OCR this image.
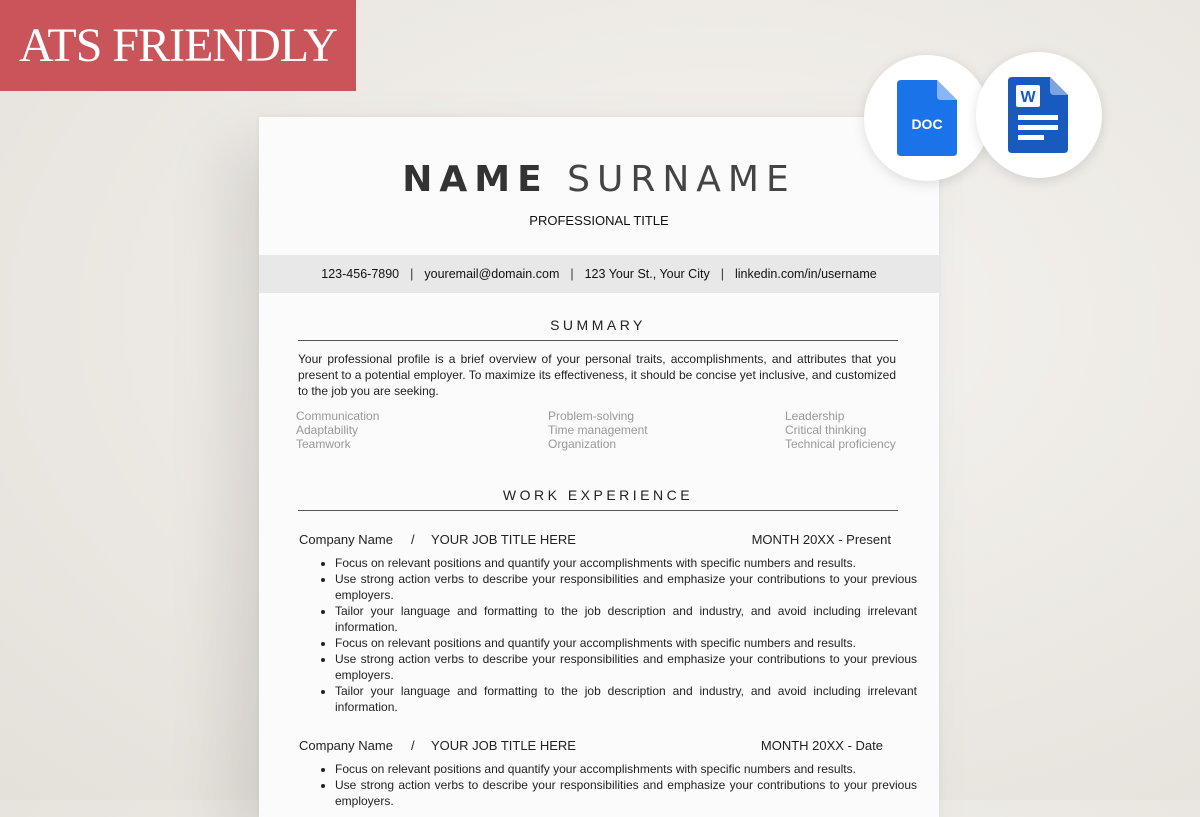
ATS FRIENDLY
NAME SURNAME
PROFESSIONAL TITLE
123-456-7890 | youremail@domain.com | 123 Your St., Your City | linkedin.com/in/username
SUMMARY
Your professional profile is a brief overview of your personal traits, accomplishments, and attributes that you present to a potential employer. To maximize its effectiveness, it should be concise yet inclusive, and customized to the job you are seeking.
Communication
Adaptability
Teamwork
Problem-solving
Time management
Organization
Leadership
Critical thinking
Technical proficiency
WORK EXPERIENCE
Company Name / YOUR JOB TITLE HERE	MONTH 20XX - Present
• Focus on relevant positions and quantify your accomplishments with specific numbers and results.
• Use strong action verbs to describe your responsibilities and emphasize your contributions to your previous employers.
• Tailor your language and formatting to the job description and industry, and avoid including irrelevant information.
• Focus on relevant positions and quantify your accomplishments with specific numbers and results.
• Use strong action verbs to describe your responsibilities and emphasize your contributions to your previous employers.
• Tailor your language and formatting to the job description and industry, and avoid including irrelevant information.
Company Name / YOUR JOB TITLE HERE	MONTH 20XX - Date
• Focus on relevant positions and quantify your accomplishments with specific numbers and results.
• Use strong action verbs to describe your responsibilities and emphasize your contributions to your previous employers.
DOC
W
